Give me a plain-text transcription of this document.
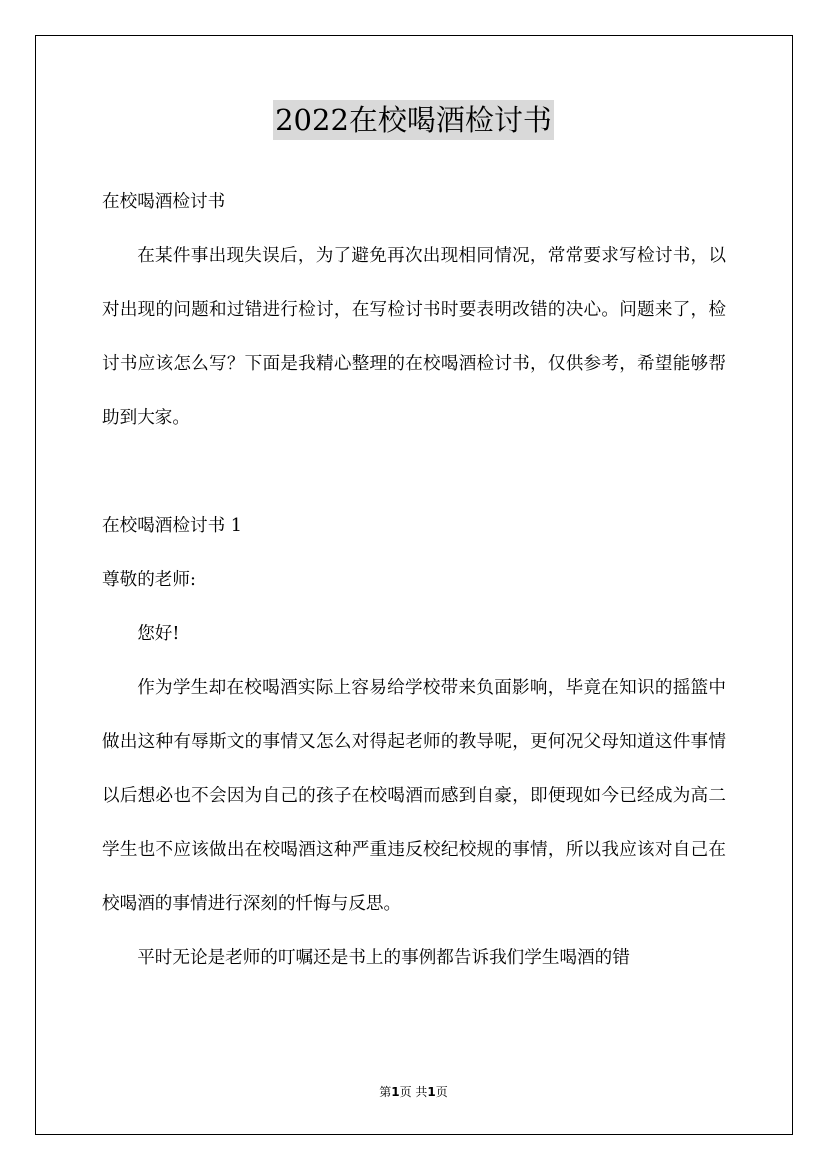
2022在校喝酒检讨书

在校喝酒检讨书

在某件事出现失误后，为了避免再次出现相同情况，常常要求写检讨书，以对出现的问题和过错进行检讨，在写检讨书时要表明改错的决心。问题来了，检讨书应该怎么写？下面是我精心整理的在校喝酒检讨书，仅供参考，希望能够帮助到大家。

在校喝酒检讨书 1

尊敬的老师:

您好!

作为学生却在校喝酒实际上容易给学校带来负面影响，毕竟在知识的摇篮中做出这种有辱斯文的事情又怎么对得起老师的教导呢，更何况父母知道这件事情以后想必也不会因为自己的孩子在校喝酒而感到自豪，即便现如今已经成为高二学生也不应该做出在校喝酒这种严重违反校纪校规的事情，所以我应该对自己在校喝酒的事情进行深刻的忏悔与反思。

平时无论是老师的叮嘱还是书上的事例都告诉我们学生喝酒的错

第1页 共1页
